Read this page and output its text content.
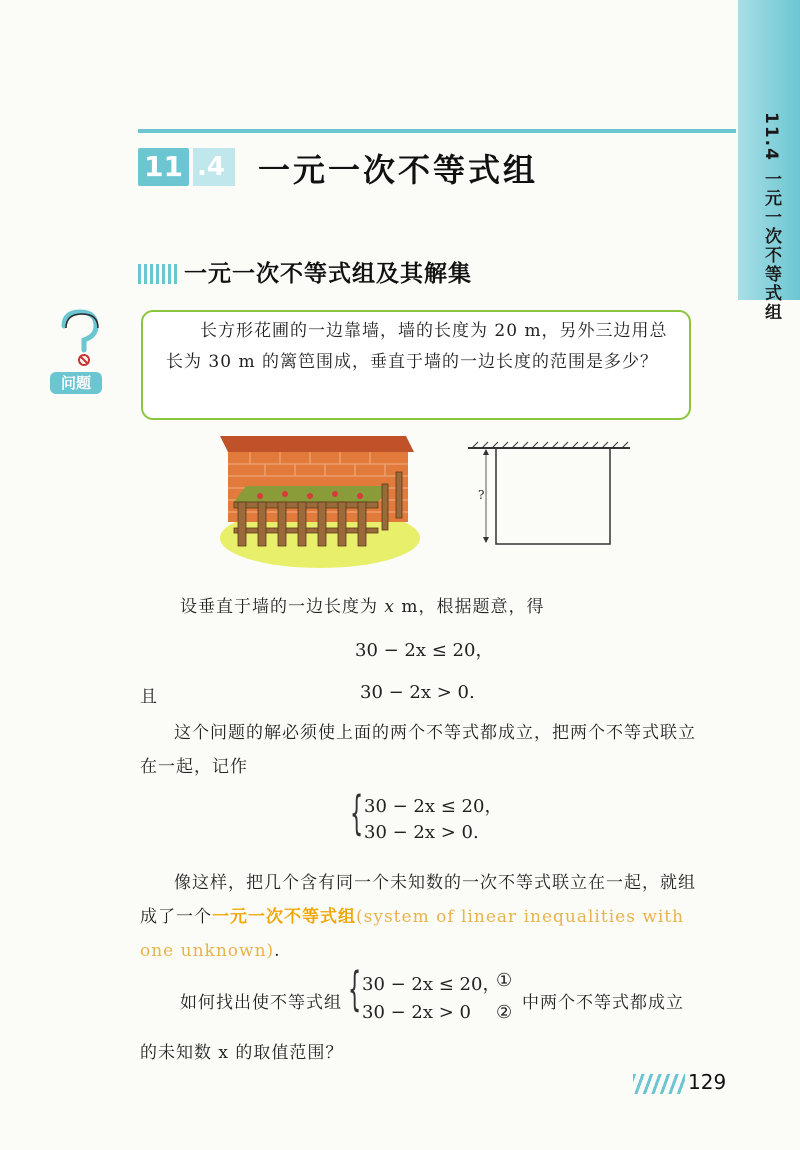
11.4 一元一次不等式组
11 .4	一元一次不等式组
一元一次不等式组及其解集
问题
长方形花圃的一边靠墙，墙的长度为 20 m，另外三边用总长为 30 m 的篱笆围成，垂直于墙的一边长度的范围是多少？
?
设垂直于墙的一边长度为 x m，根据题意，得
30 − 2x ≤ 20，
且	30 − 2x > 0.
这个问题的解必须使上面的两个不等式都成立，把两个不等式联立在一起，记作
{ 30 − 2x ≤ 20，
30 − 2x > 0.
像这样，把几个含有同一个未知数的一次不等式联立在一起，就组成了一个一元一次不等式组(system of linear inequalities with one unknown).
如何找出使不等式组 { 30 − 2x ≤ 20，
30 − 2x > 0
①
② 中两个不等式都成立
的未知数 x 的取值范围？
129
